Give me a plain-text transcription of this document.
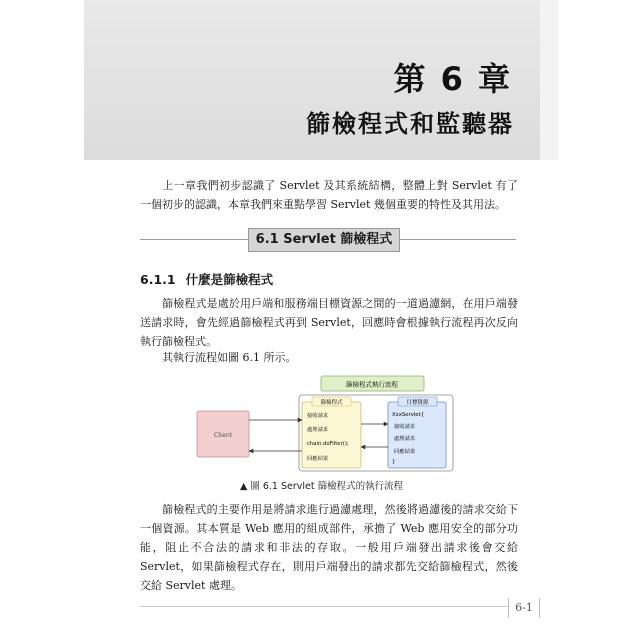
第 6 章
篩檢程式和監聽器
上一章我們初步認識了 Servlet 及其系統結構，整體上對 Servlet 有了一個初步的認識，本章我們來重點學習 Servlet 幾個重要的特性及其用法。
6.1 Servlet 篩檢程式
6.1.1 什麼是篩檢程式
篩檢程式是處於用戶端和服務端目標資源之間的一道過濾網，在用戶端發送請求時，會先經過篩檢程式再到 Servlet，回應時會根據執行流程再次反向執行篩檢程式。
其執行流程如圖 6.1 所示。
篩檢程式執行流程
Client
篩檢程式
接收請求
處理請求
chain.doFilter();
回應結果
目標資源
XxxServlet{
接收請求
處理請求
回應結果
}
▲ 圖 6.1 Servlet 篩檢程式的執行流程
篩檢程式的主要作用是將請求進行過濾處理，然後將過濾後的請求交給下一個資源。其本質是 Web 應用的組成部件，承擔了 Web 應用安全的部分功能，阻止不合法的請求和非法的存取。一般用戶端發出請求後會交給 Servlet，如果篩檢程式存在，則用戶端發出的請求都先交給篩檢程式，然後交給 Servlet 處理。
6-1
